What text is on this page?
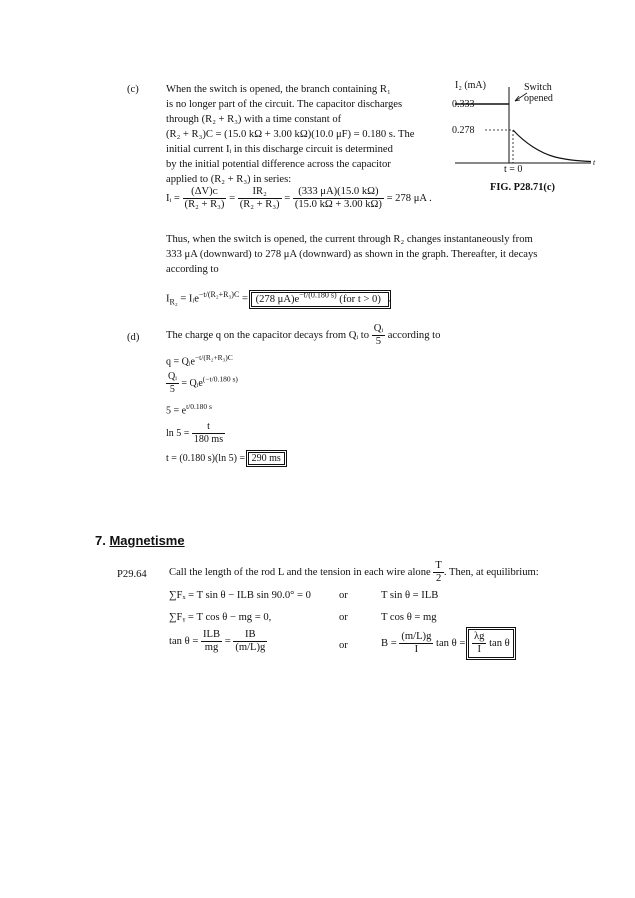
(c)	When the switch is opened, the branch containing R₁
is no longer part of the circuit. The capacitor discharges
through (R₂ + R₃) with a time constant of
(R₂ + R₃)C = (15.0 kΩ + 3.00 kΩ)(10.0 μF) = 0.180 s. The
initial current Iᵢ in this discharge circuit is determined
by the initial potential difference across the capacitor
applied to (R₂ + R₃) in series:
Iᵢ = $\frac{\text{(ΔV)ᴄ}}{\text{(R₂ + R₃)}} = \frac{\text{IR₂}}{\text{(R₂ + R₃)}} = \frac{(333 \mu A)(15.0 k\Omega)}{(15.0 k\Omega + 3.00 k\Omega)} = 278$ μA .
I₂ (mA)
0.333
0.278
t = 0
Switch
opened
t
FIG. P28.71(c)
Thus, when the switch is opened, the current through R₂ changes instantaneously from
333 μA (downward) to 278 μA (downward) as shown in the graph. Thereafter, it decays
according to
$I_{R_2}$ = Iᵢe$^{-t/(R_2+R_3)C}$ = (278 $\mu A)e^{-t/(0.180 s)}$ (for t > 0) .
(d)	The charge q on the capacitor decays from Qᵢ to $\frac{\text{Qᵢ}}{5}$ according to
q = Qᵢe$^{-t/(R_2+R_3)C}$
$\frac{\text{Qᵢ}}{5}$ = Qᵢe$^{(-t/0.180 s)}$
$5 = e^{t/0.180 s}$
$\ln 5 = \frac{t}{180 ms}$
t = (0.180 s)(ln 5) = 290 ms
7. Magnetisme
P29.64 Call the length of the rod L and the tension in each wire alone $\frac{T}{2}$ . Then, at equilibrium:
∑Fₓ = T sin θ − ILB sin 90.0° = 0	or	T sin θ = ILB
∑Fᵧ = T cos θ − mg = 0,	or	T cos θ = mg
$\tan \theta = \frac{\text{ILB}}{mg} = \frac{IB}{(m/L)g}$	or	$B = \frac{(m/L)g}{I}$ $\tan \theta = \frac{\lambda g}{I}$ tan θ
